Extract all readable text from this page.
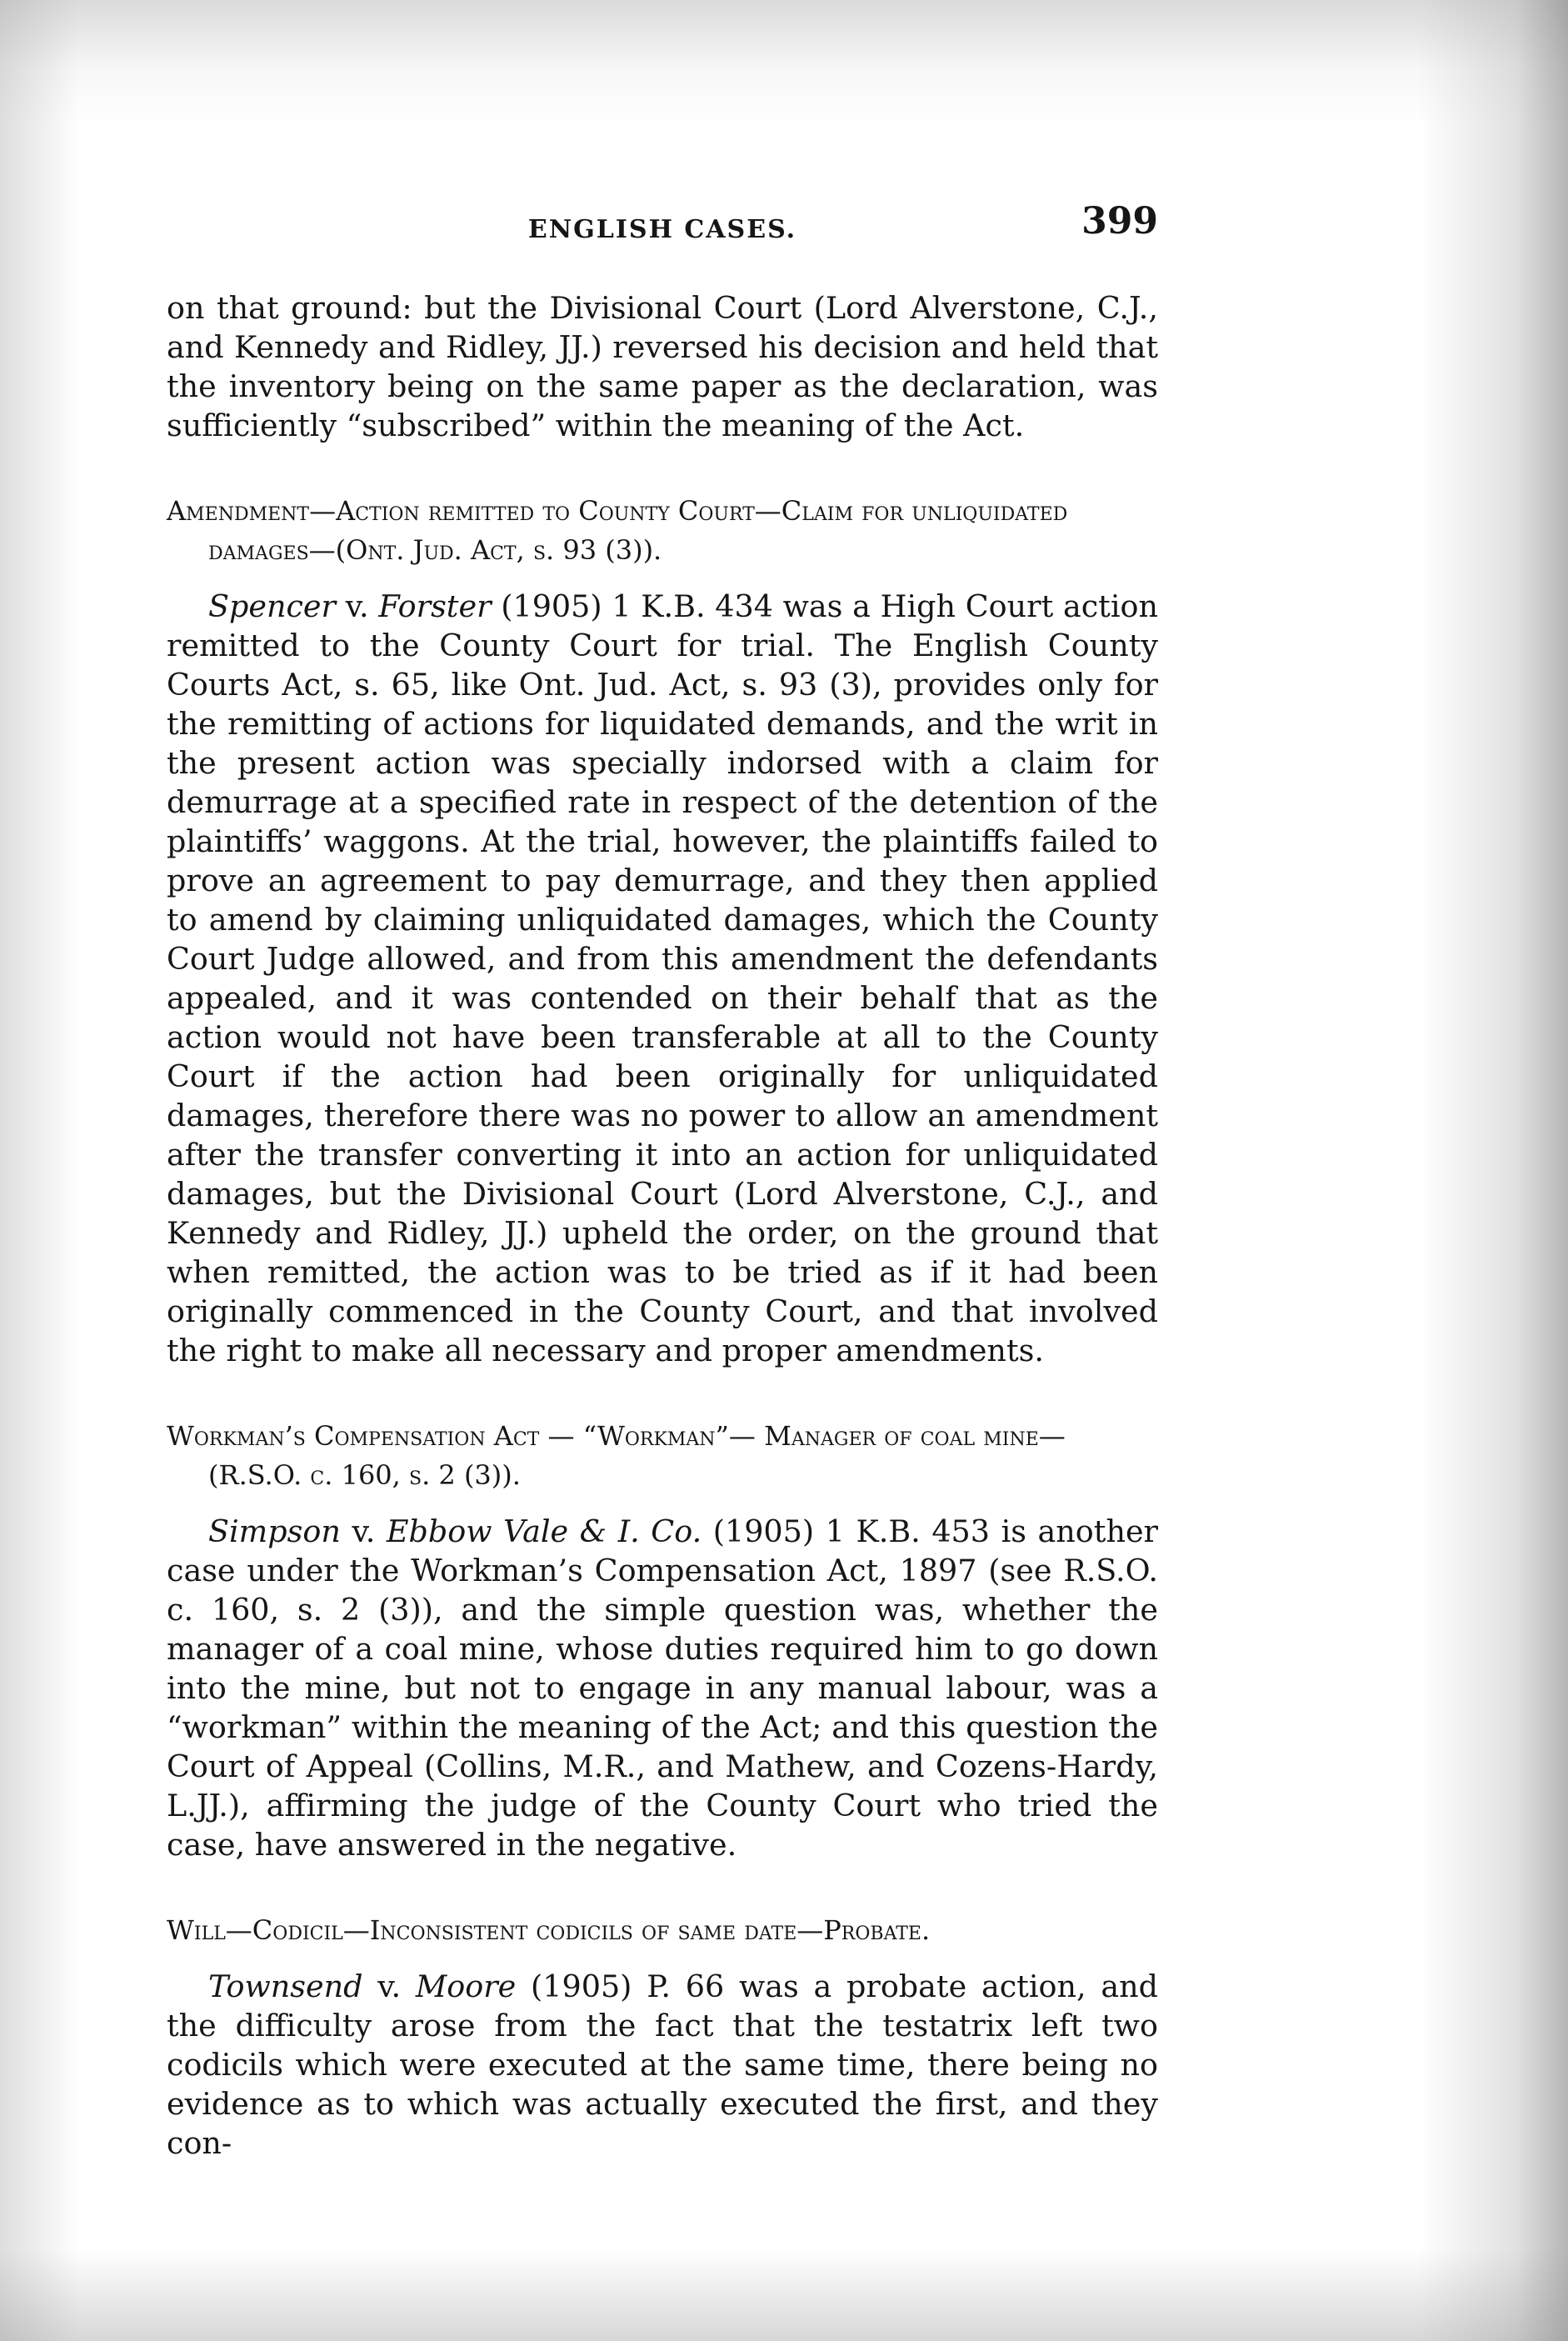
ENGLISH CASES.	399

on that ground: but the Divisional Court (Lord Alverstone, C.J., and Kennedy and Ridley, JJ.) reversed his decision and held that the inventory being on the same paper as the declaration, was sufficiently “subscribed” within the meaning of the Act.

Amendment—Action remitted to County Court—Claim for unliquidated damages—(Ont. Jud. Act, s. 93 (3)).

Spencer v. Forster (1905) 1 K.B. 434 was a High Court action remitted to the County Court for trial. The English County Courts Act, s. 65, like Ont. Jud. Act, s. 93 (3), provides only for the remitting of actions for liquidated demands, and the writ in the present action was specially indorsed with a claim for demurrage at a specified rate in respect of the detention of the plaintiffs’ waggons. At the trial, however, the plaintiffs failed to prove an agreement to pay demurrage, and they then applied to amend by claiming unliquidated damages, which the County Court Judge allowed, and from this amendment the defendants appealed, and it was contended on their behalf that as the action would not have been transferable at all to the County Court if the action had been originally for unliquidated damages, therefore there was no power to allow an amendment after the transfer converting it into an action for unliquidated damages, but the Divisional Court (Lord Alverstone, C.J., and Kennedy and Ridley, JJ.) upheld the order, on the ground that when remitted, the action was to be tried as if it had been originally commenced in the County Court, and that involved the right to make all necessary and proper amendments.

Workman’s Compensation Act — “Workman”— Manager of coal mine—(R.S.O. c. 160, s. 2 (3)).

Simpson v. Ebbow Vale & I. Co. (1905) 1 K.B. 453 is another case under the Workman’s Compensation Act, 1897 (see R.S.O. c. 160, s. 2 (3)), and the simple question was, whether the manager of a coal mine, whose duties required him to go down into the mine, but not to engage in any manual labour, was a “workman” within the meaning of the Act; and this question the Court of Appeal (Collins, M.R., and Mathew, and Cozens-Hardy, L.JJ.), affirming the judge of the County Court who tried the case, have answered in the negative.

Will—Codicil—Inconsistent codicils of same date—Probate.

Townsend v. Moore (1905) P. 66 was a probate action, and the difficulty arose from the fact that the testatrix left two codicils which were executed at the same time, there being no evidence as to which was actually executed the first, and they con-
